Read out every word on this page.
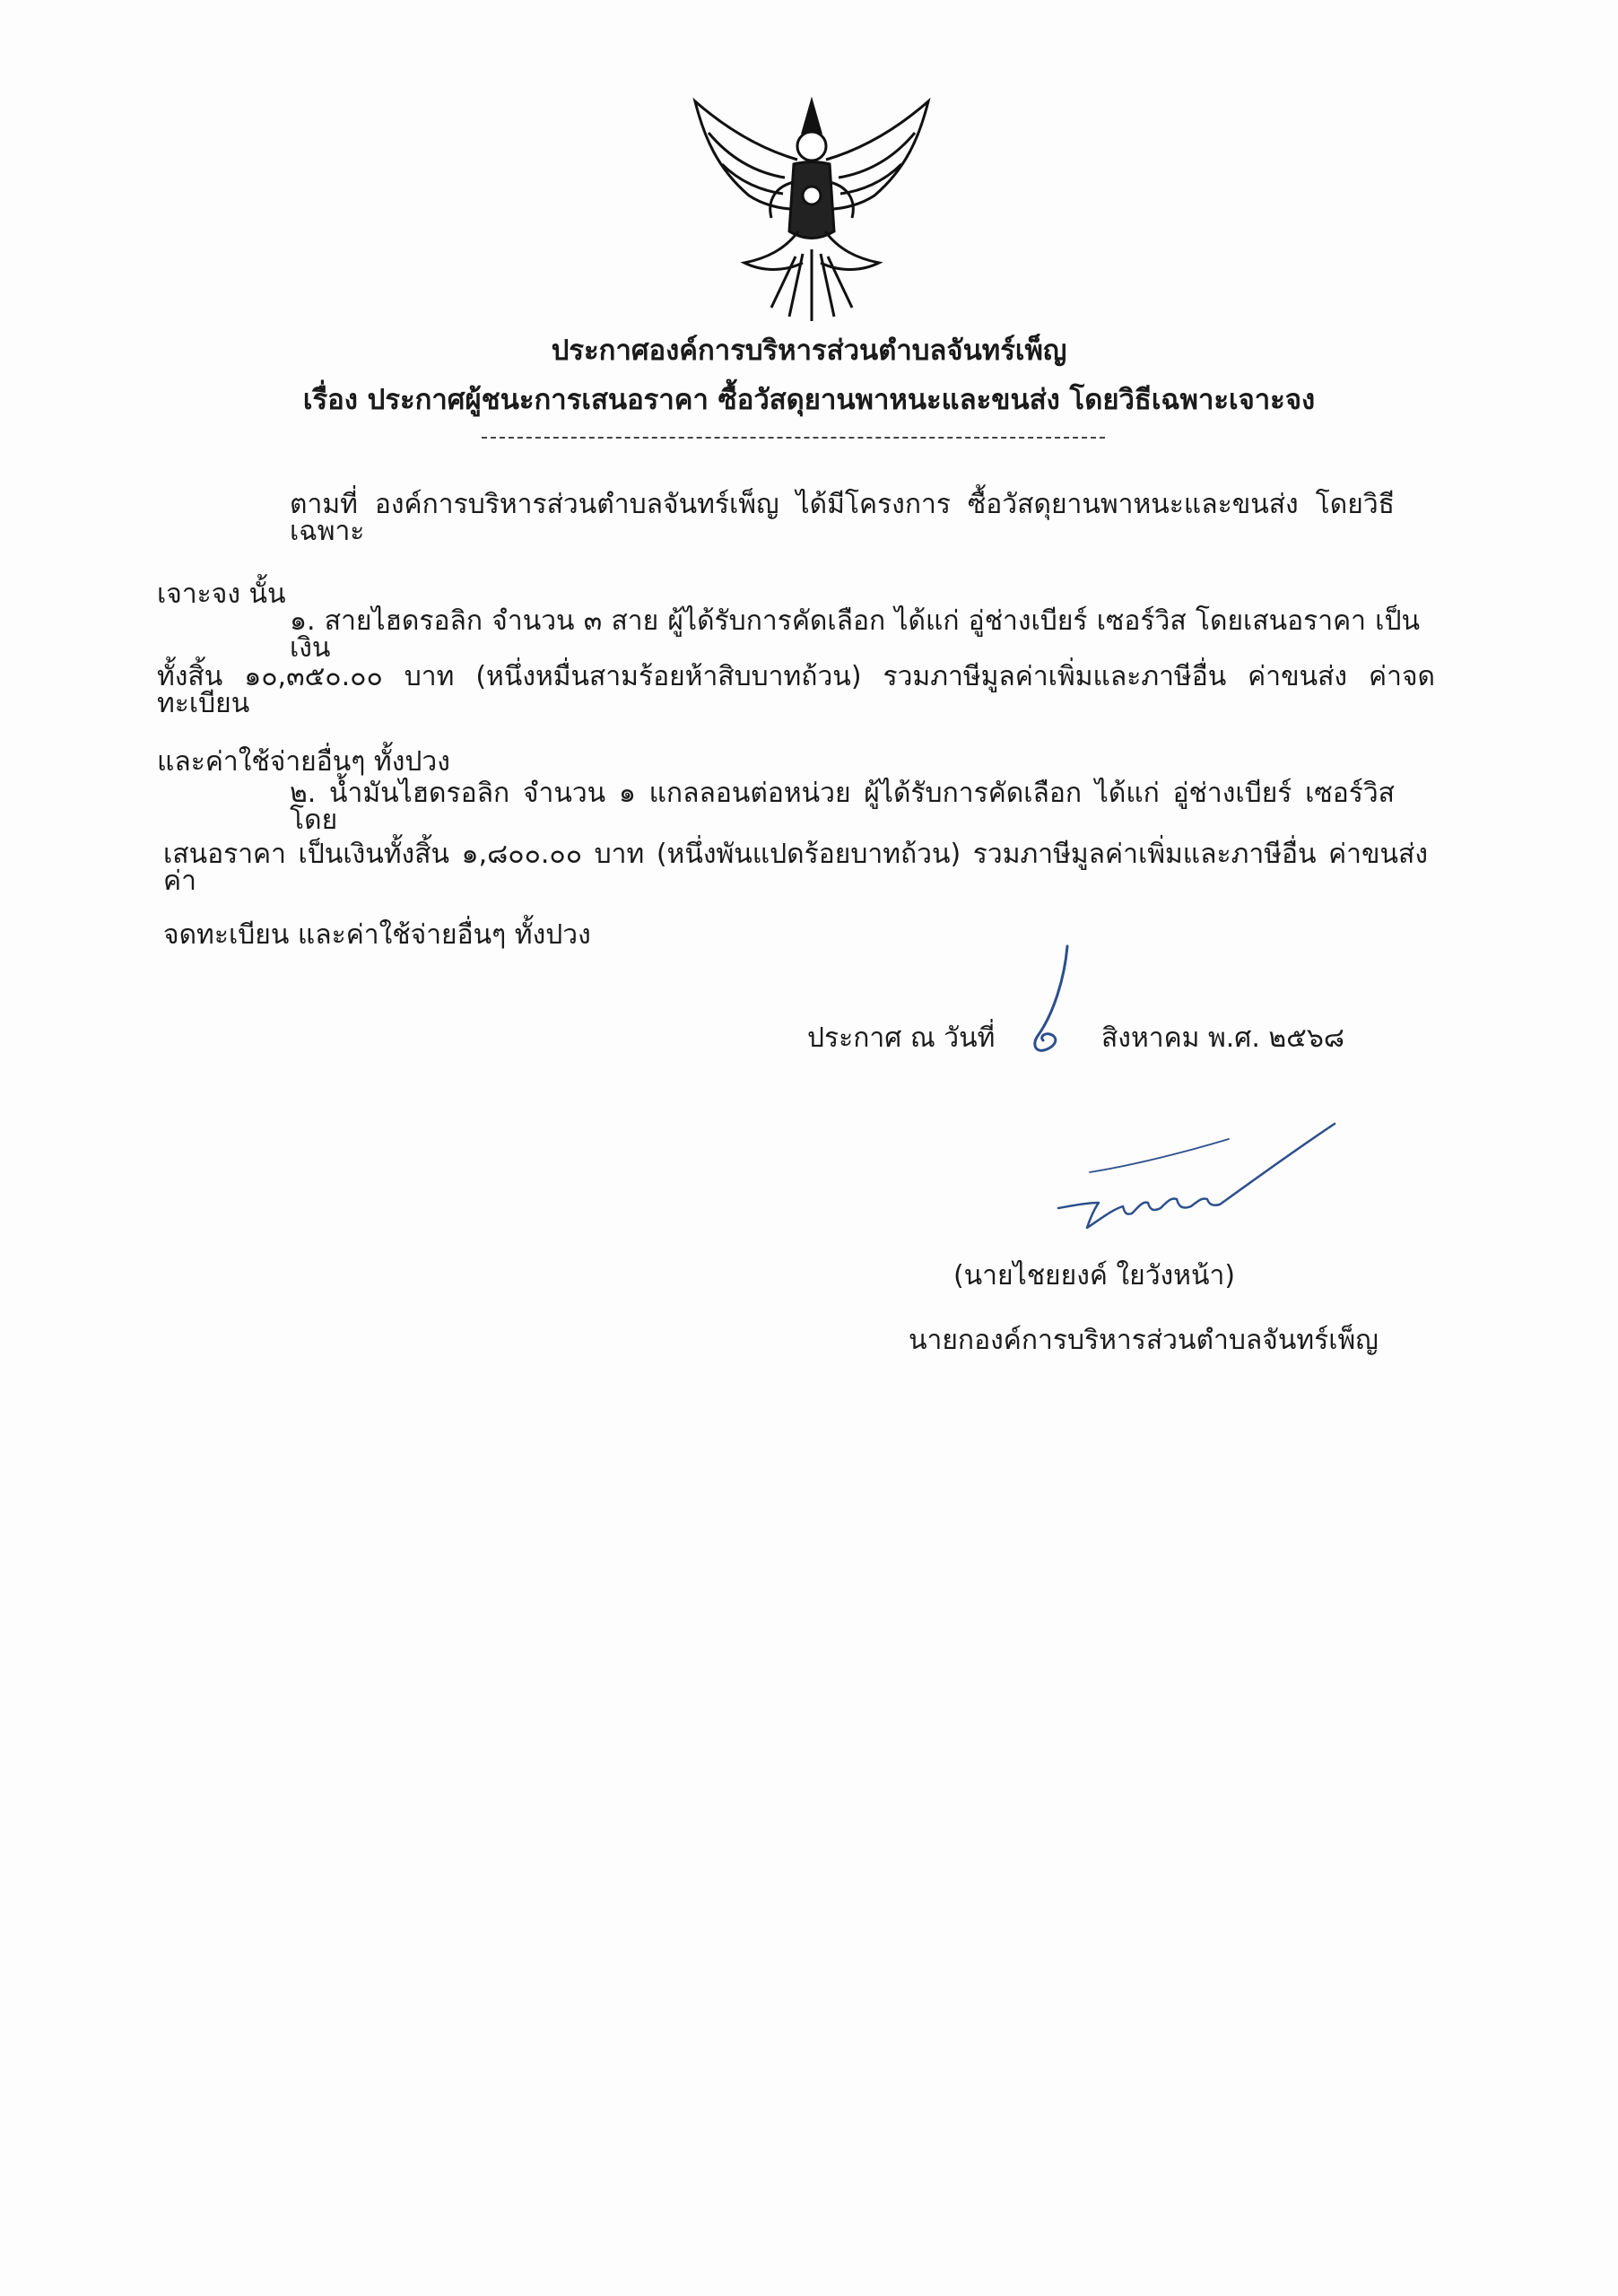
ประกาศองค์การบริหารส่วนตำบลจันทร์เพ็ญ
เรื่อง ประกาศผู้ชนะการเสนอราคา ซื้อวัสดุยานพาหนะและขนส่ง โดยวิธีเฉพาะเจาะจง
ตามที่ องค์การบริหารส่วนตำบลจันทร์เพ็ญ ได้มีโครงการ ซื้อวัสดุยานพาหนะและขนส่ง โดยวิธีเฉพาะ
เจาะจง นั้น
๑. สายไฮดรอลิก จำนวน ๓ สาย ผู้ได้รับการคัดเลือก ได้แก่ อู่ช่างเบียร์ เซอร์วิส โดยเสนอราคา เป็นเงิน
ทั้งสิ้น ๑๐,๓๕๐.๐๐ บาท (หนึ่งหมื่นสามร้อยห้าสิบบาทถ้วน) รวมภาษีมูลค่าเพิ่มและภาษีอื่น ค่าขนส่ง ค่าจดทะเบียน
และค่าใช้จ่ายอื่นๆ ทั้งปวง
๒. น้ำมันไฮดรอลิก จำนวน ๑ แกลลอนต่อหน่วย ผู้ได้รับการคัดเลือก ได้แก่ อู่ช่างเบียร์ เซอร์วิส โดย
เสนอราคา เป็นเงินทั้งสิ้น ๑,๘๐๐.๐๐ บาท (หนึ่งพันแปดร้อยบาทถ้วน) รวมภาษีมูลค่าเพิ่มและภาษีอื่น ค่าขนส่ง ค่า
จดทะเบียน และค่าใช้จ่ายอื่นๆ ทั้งปวง
ประกาศ ณ วันที่	สิงหาคม พ.ศ. ๒๕๖๘
(นายไชยยงค์ ใยวังหน้า)
นายกองค์การบริหารส่วนตำบลจันทร์เพ็ญ
